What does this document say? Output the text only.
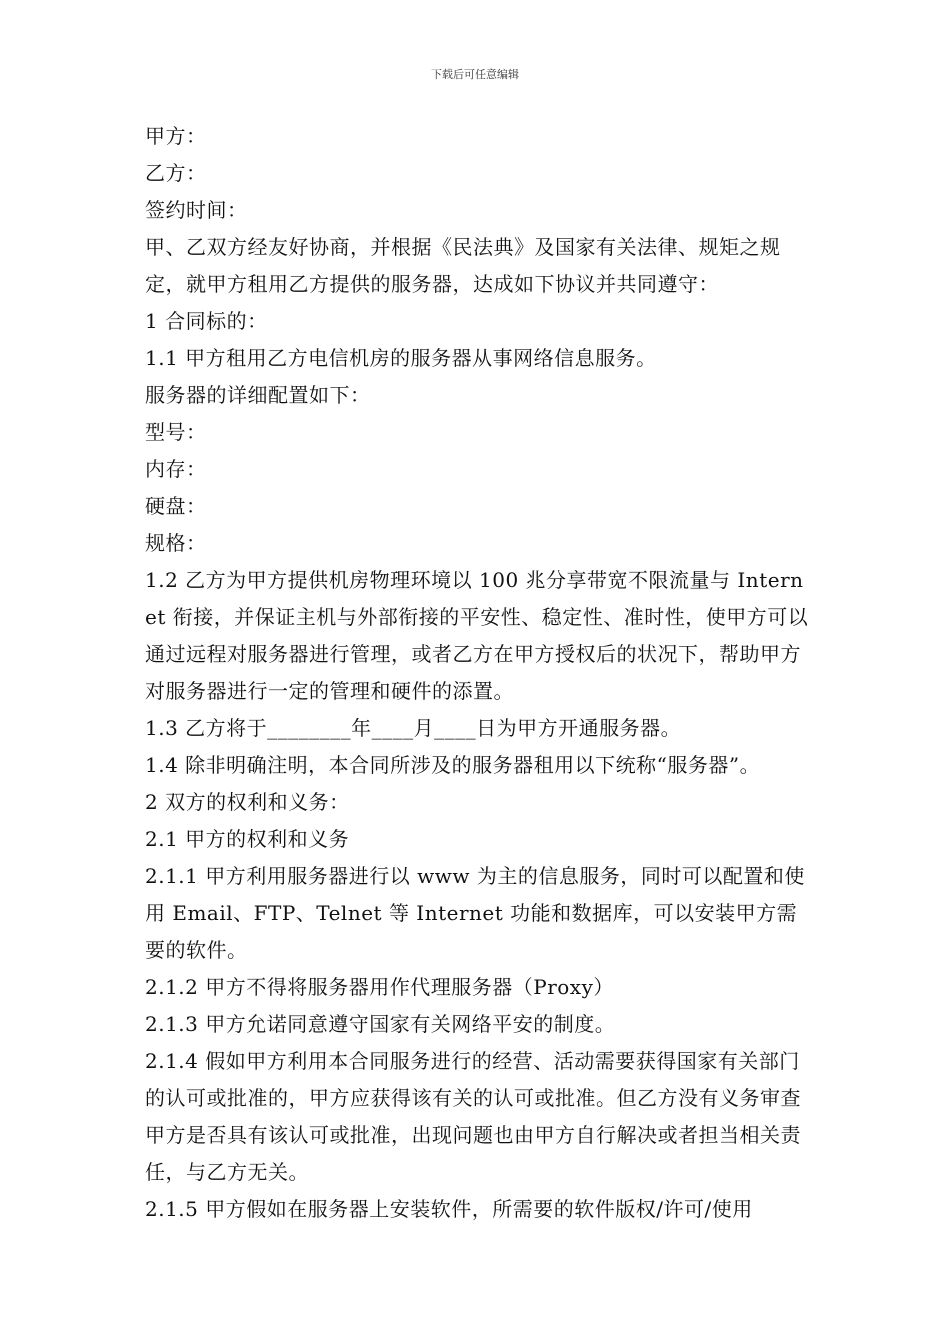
下载后可任意编辑

甲方：

乙方：

签约时间：

甲、乙双方经友好协商，并根据《民法典》及国家有关法律、规矩之规定，就甲方租用乙方提供的服务器，达成如下协议并共同遵守：

1 合同标的：

1.1 甲方租用乙方电信机房的服务器从事网络信息服务。

服务器的详细配置如下：

型号：

内存：

硬盘：

规格：

1.2 乙方为甲方提供机房物理环境以 100 兆分享带宽不限流量与 Internet 衔接，并保证主机与外部衔接的平安性、稳定性、准时性，使甲方可以通过远程对服务器进行管理，或者乙方在甲方授权后的状况下，帮助甲方对服务器进行一定的管理和硬件的添置。

1.3 乙方将于________年____月____日为甲方开通服务器。

1.4 除非明确注明，本合同所涉及的服务器租用以下统称“服务器”。

2 双方的权利和义务：

2.1 甲方的权利和义务

2.1.1 甲方利用服务器进行以 www 为主的信息服务，同时可以配置和使用 Email、FTP、Telnet 等 Internet 功能和数据库，可以安装甲方需要的软件。

2.1.2 甲方不得将服务器用作代理服务器（Proxy）

2.1.3 甲方允诺同意遵守国家有关网络平安的制度。

2.1.4 假如甲方利用本合同服务进行的经营、活动需要获得国家有关部门的认可或批准的，甲方应获得该有关的认可或批准。但乙方没有义务审查甲方是否具有该认可或批准，出现问题也由甲方自行解决或者担当相关责任，与乙方无关。

2.1.5 甲方假如在服务器上安装软件，所需要的软件版权/许可/使用
